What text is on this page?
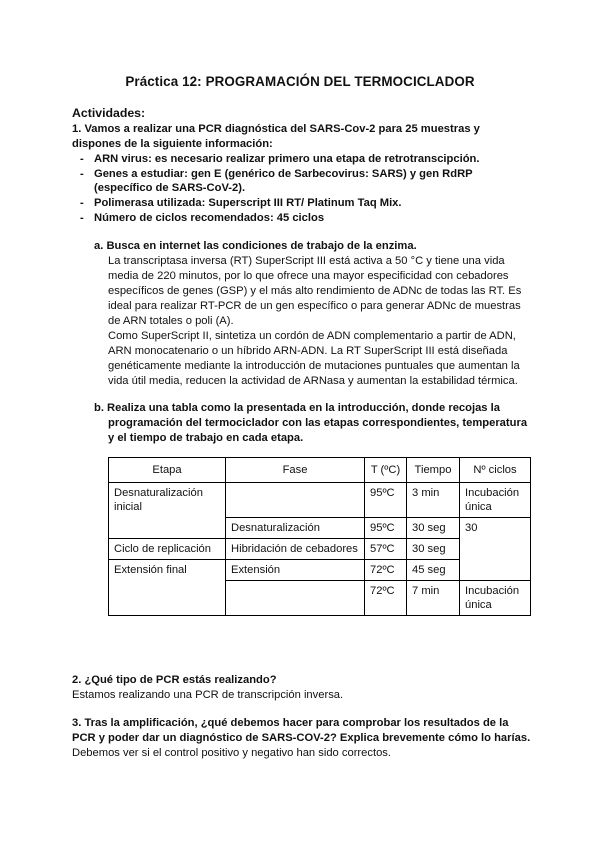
Práctica 12: PROGRAMACIÓN DEL TERMOCICLADOR
Actividades:
1. Vamos a realizar una PCR diagnóstica del SARS-Cov-2 para 25 muestras y
dispones de la siguiente información:
- ARN virus: es necesario realizar primero una etapa de retrotranscipción.
- Genes a estudiar: gen E (genérico de Sarbecovirus: SARS) y gen RdRP
(específico de SARS-CoV-2).
- Polimerasa utilizada: Superscript III RT/ Platinum Taq Mix.
- Número de ciclos recomendados: 45 ciclos
a. Busca en internet las condiciones de trabajo de la enzima.
La transcriptasa inversa (RT) SuperScript III está activa a 50 °C y tiene una vida
media de 220 minutos, por lo que ofrece una mayor especificidad con cebadores
específicos de genes (GSP) y el más alto rendimiento de ADNc de todas las RT. Es
ideal para realizar RT-PCR de un gen específico o para generar ADNc de muestras
de ARN totales o poli (A).
Como SuperScript II, sintetiza un cordón de ADN complementario a partir de ADN,
ARN monocatenario o un híbrido ARN-ADN. La RT SuperScript III está diseñada
genéticamente mediante la introducción de mutaciones puntuales que aumentan la
vida útil media, reducen la actividad de ARNasa y aumentan la estabilidad térmica.
b. Realiza una tabla como la presentada en la introducción, donde recojas la
programación del termociclador con las etapas correspondientes, temperatura
y el tiempo de trabajo en cada etapa.
Etapa	Fase	T (ºC)	Tiempo	Nº ciclos
Desnaturalización inicial		95ºC	3 min	Incubación única
	Desnaturalización	95ºC	30 seg	30
Ciclo de replicación	Hibridación de cebadores	57ºC	30 seg	
Extensión final	Extensión	72ºC	45 seg	
		72ºC	7 min	Incubación única
2. ¿Qué tipo de PCR estás realizando?
Estamos realizando una PCR de transcripción inversa.
3. Tras la amplificación, ¿qué debemos hacer para comprobar los resultados de la
PCR y poder dar un diagnóstico de SARS-COV-2? Explica brevemente cómo lo harías.
Debemos ver si el control positivo y negativo han sido correctos.
